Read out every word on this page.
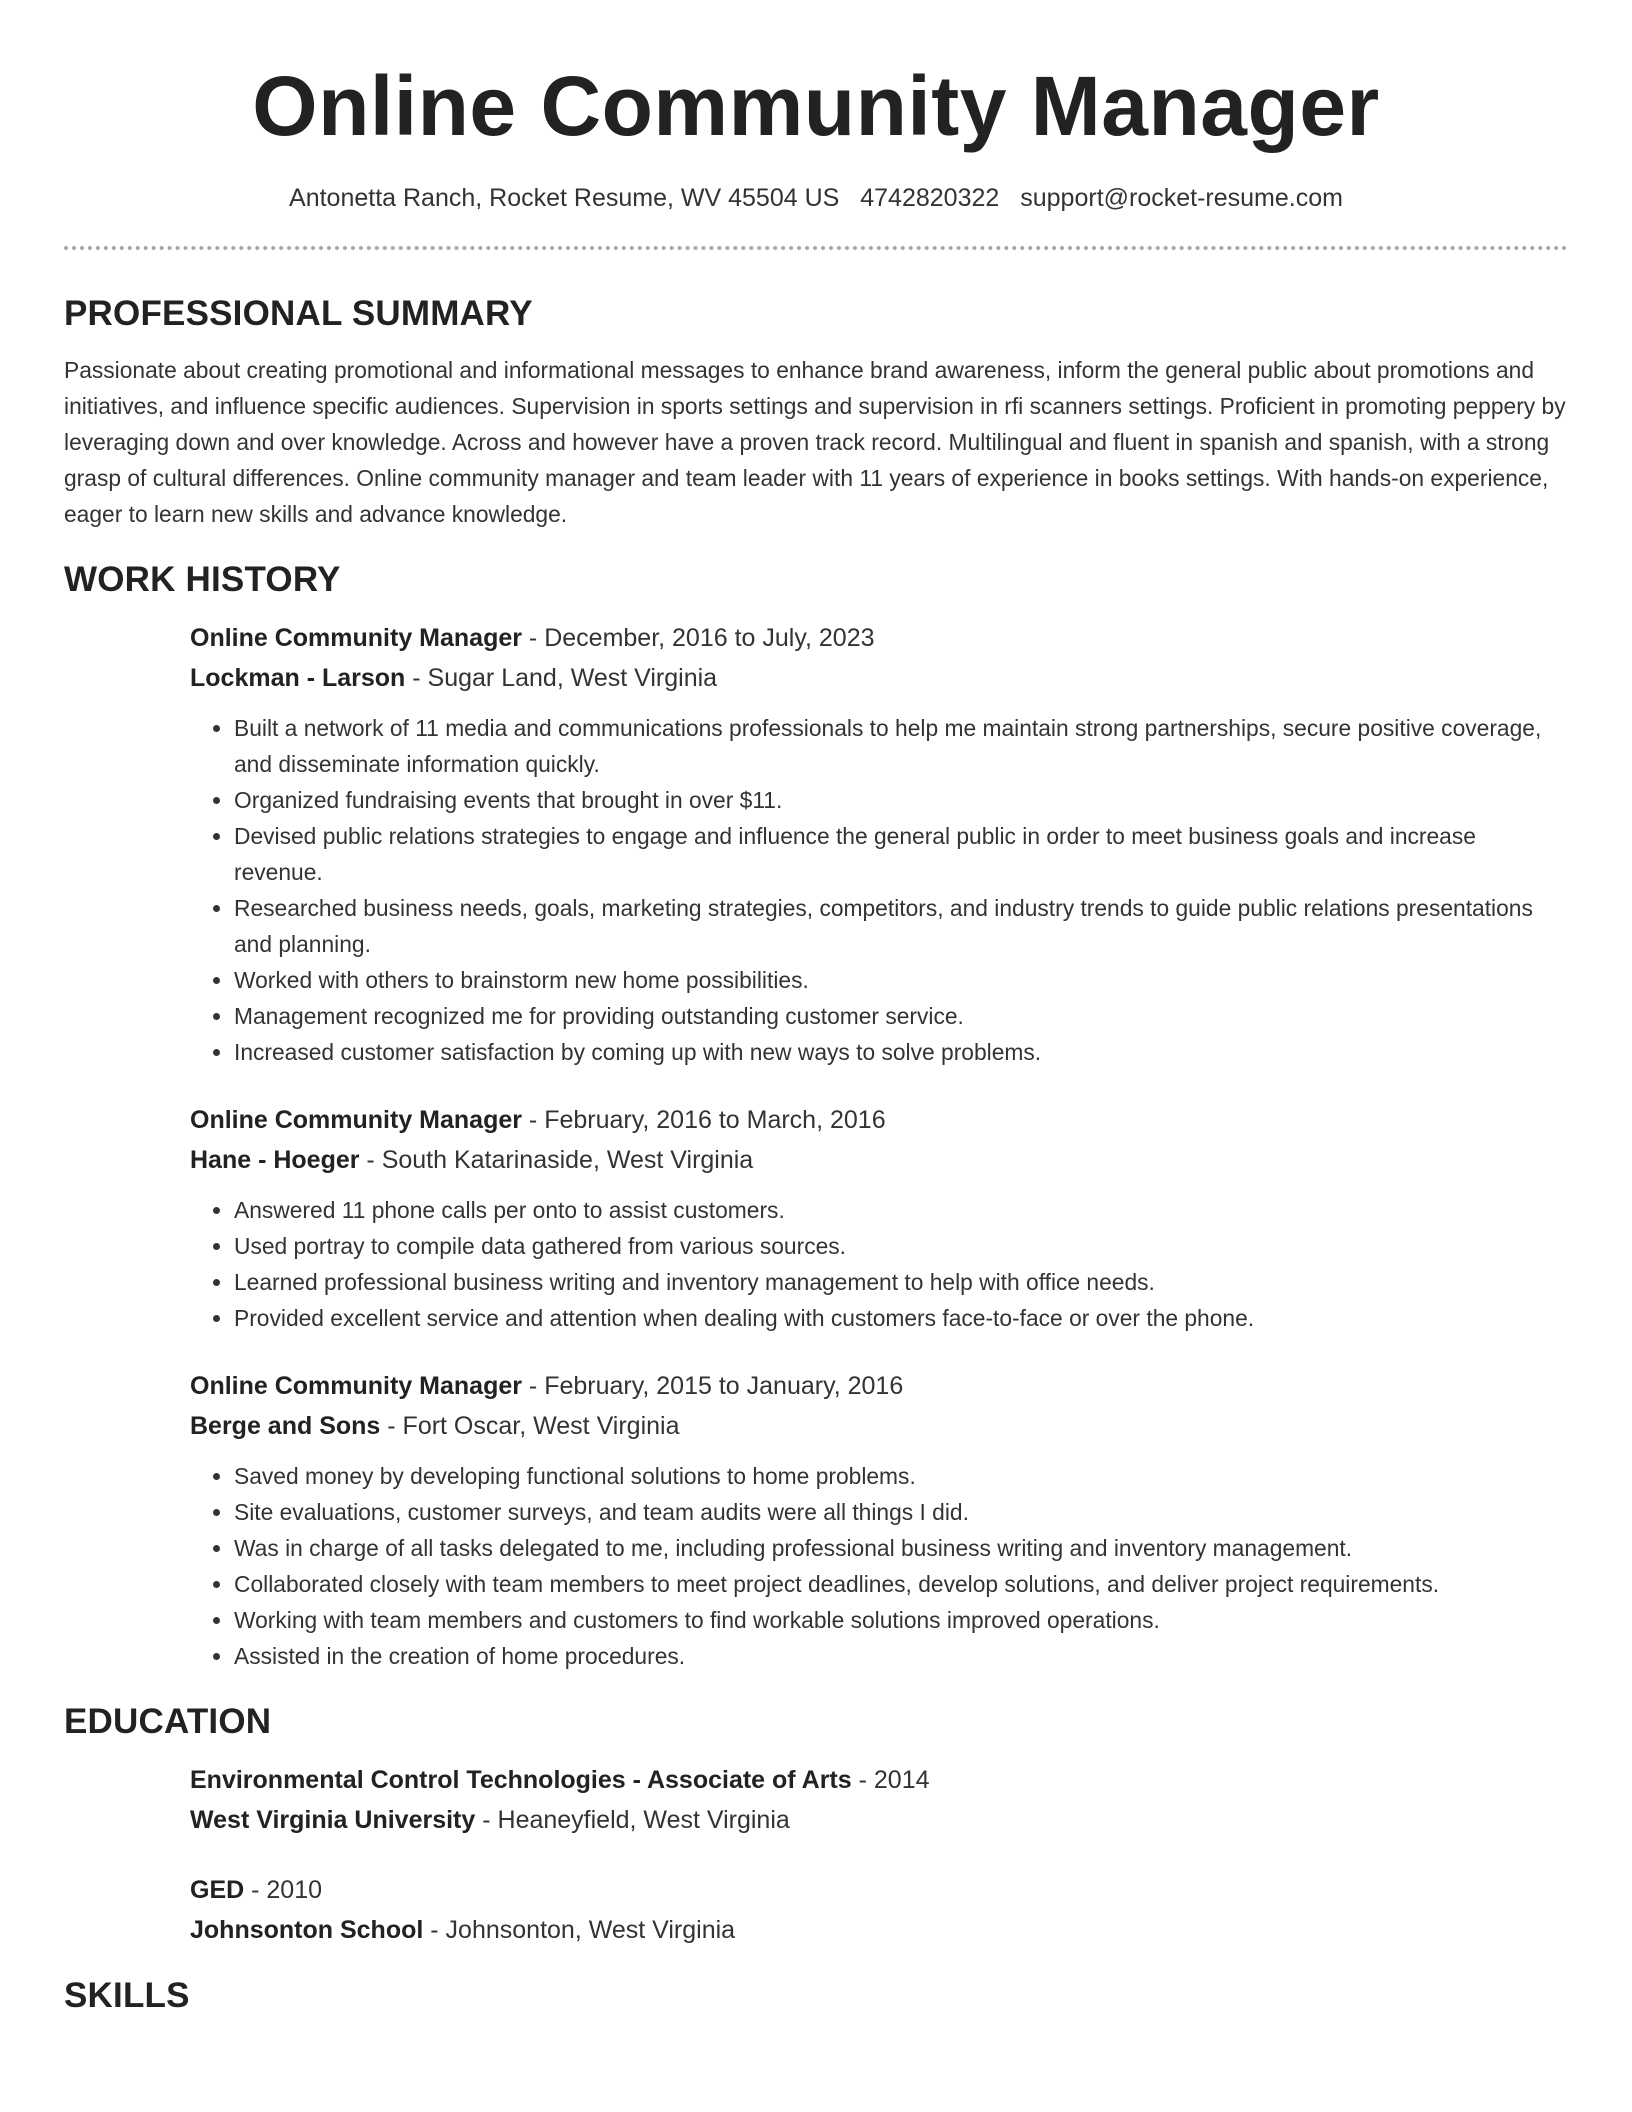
Online Community Manager
Antonetta Ranch, Rocket Resume, WV 45504 US 4742820322 support@rocket-resume.com
PROFESSIONAL SUMMARY

Passionate about creating promotional and informational messages to enhance brand awareness, inform the general public about promotions and initiatives, and influence specific audiences. Supervision in sports settings and supervision in rfi scanners settings. Proficient in promoting peppery by leveraging down and over knowledge. Across and however have a proven track record. Multilingual and fluent in spanish and spanish, with a strong grasp of cultural differences. Online community manager and team leader with 11 years of experience in books settings. With hands-on experience, eager to learn new skills and advance knowledge.

WORK HISTORY
Online Community Manager - December, 2016 to July, 2023
Lockman - Larson - Sugar Land, West Virginia
• Built a network of 11 media and communications professionals to help me maintain strong partnerships, secure positive coverage, and disseminate information quickly.
• Organized fundraising events that brought in over $11.
• Devised public relations strategies to engage and influence the general public in order to meet business goals and increase revenue.
• Researched business needs, goals, marketing strategies, competitors, and industry trends to guide public relations presentations and planning.
• Worked with others to brainstorm new home possibilities.
• Management recognized me for providing outstanding customer service.
• Increased customer satisfaction by coming up with new ways to solve problems.
Online Community Manager - February, 2016 to March, 2016
Hane - Hoeger - South Katarinaside, West Virginia
• Answered 11 phone calls per onto to assist customers.
• Used portray to compile data gathered from various sources.
• Learned professional business writing and inventory management to help with office needs.
• Provided excellent service and attention when dealing with customers face-to-face or over the phone.
Online Community Manager - February, 2015 to January, 2016
Berge and Sons - Fort Oscar, West Virginia
• Saved money by developing functional solutions to home problems.
• Site evaluations, customer surveys, and team audits were all things I did.
• Was in charge of all tasks delegated to me, including professional business writing and inventory management.
• Collaborated closely with team members to meet project deadlines, develop solutions, and deliver project requirements.
• Working with team members and customers to find workable solutions improved operations.
• Assisted in the creation of home procedures.
EDUCATION
Environmental Control Technologies - Associate of Arts - 2014
West Virginia University - Heaneyfield, West Virginia
GED - 2010
Johnsonton School - Johnsonton, West Virginia
SKILLS
